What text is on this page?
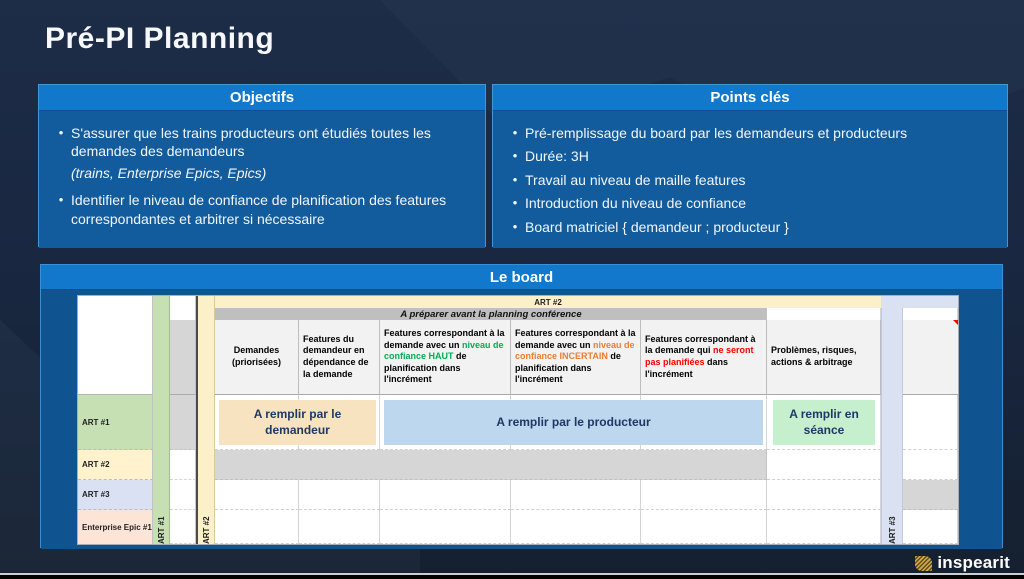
Pré-PI Planning
Objectifs
• S'assurer que les trains producteurs ont étudiés toutes les demandes des demandeurs
(trains, Enterprise Epics, Epics)
• Identifier le niveau de confiance de planification des features correspondantes et arbitrer si nécessaire
Points clés
• Pré-remplissage du board par les demandeurs et producteurs
• Durée: 3H
• Travail au niveau de maille features
• Introduction du niveau de confiance
• Board matriciel { demandeur ; producteur }
Le board
ART #1
ART #2
ART #3
Enterprise Epic #1 ART #1	ART #2
ART #2
A préparer avant la planning conférence
ART #3
Demandes (priorisées)
Features du demandeur en dépendance de la demande
Features correspondant à la demande avec un niveau de confiance HAUT de planification dans l'incrément
Features correspondant à la demande avec un niveau de confiance INCERTAIN de planification dans l'incrément
Features correspondant à la demande qui ne seront pas planifiées dans l'incrément
Problèmes, risques, actions & arbitrage
A remplir par le demandeur
A remplir par le producteur
A remplir en séance
inspearit
